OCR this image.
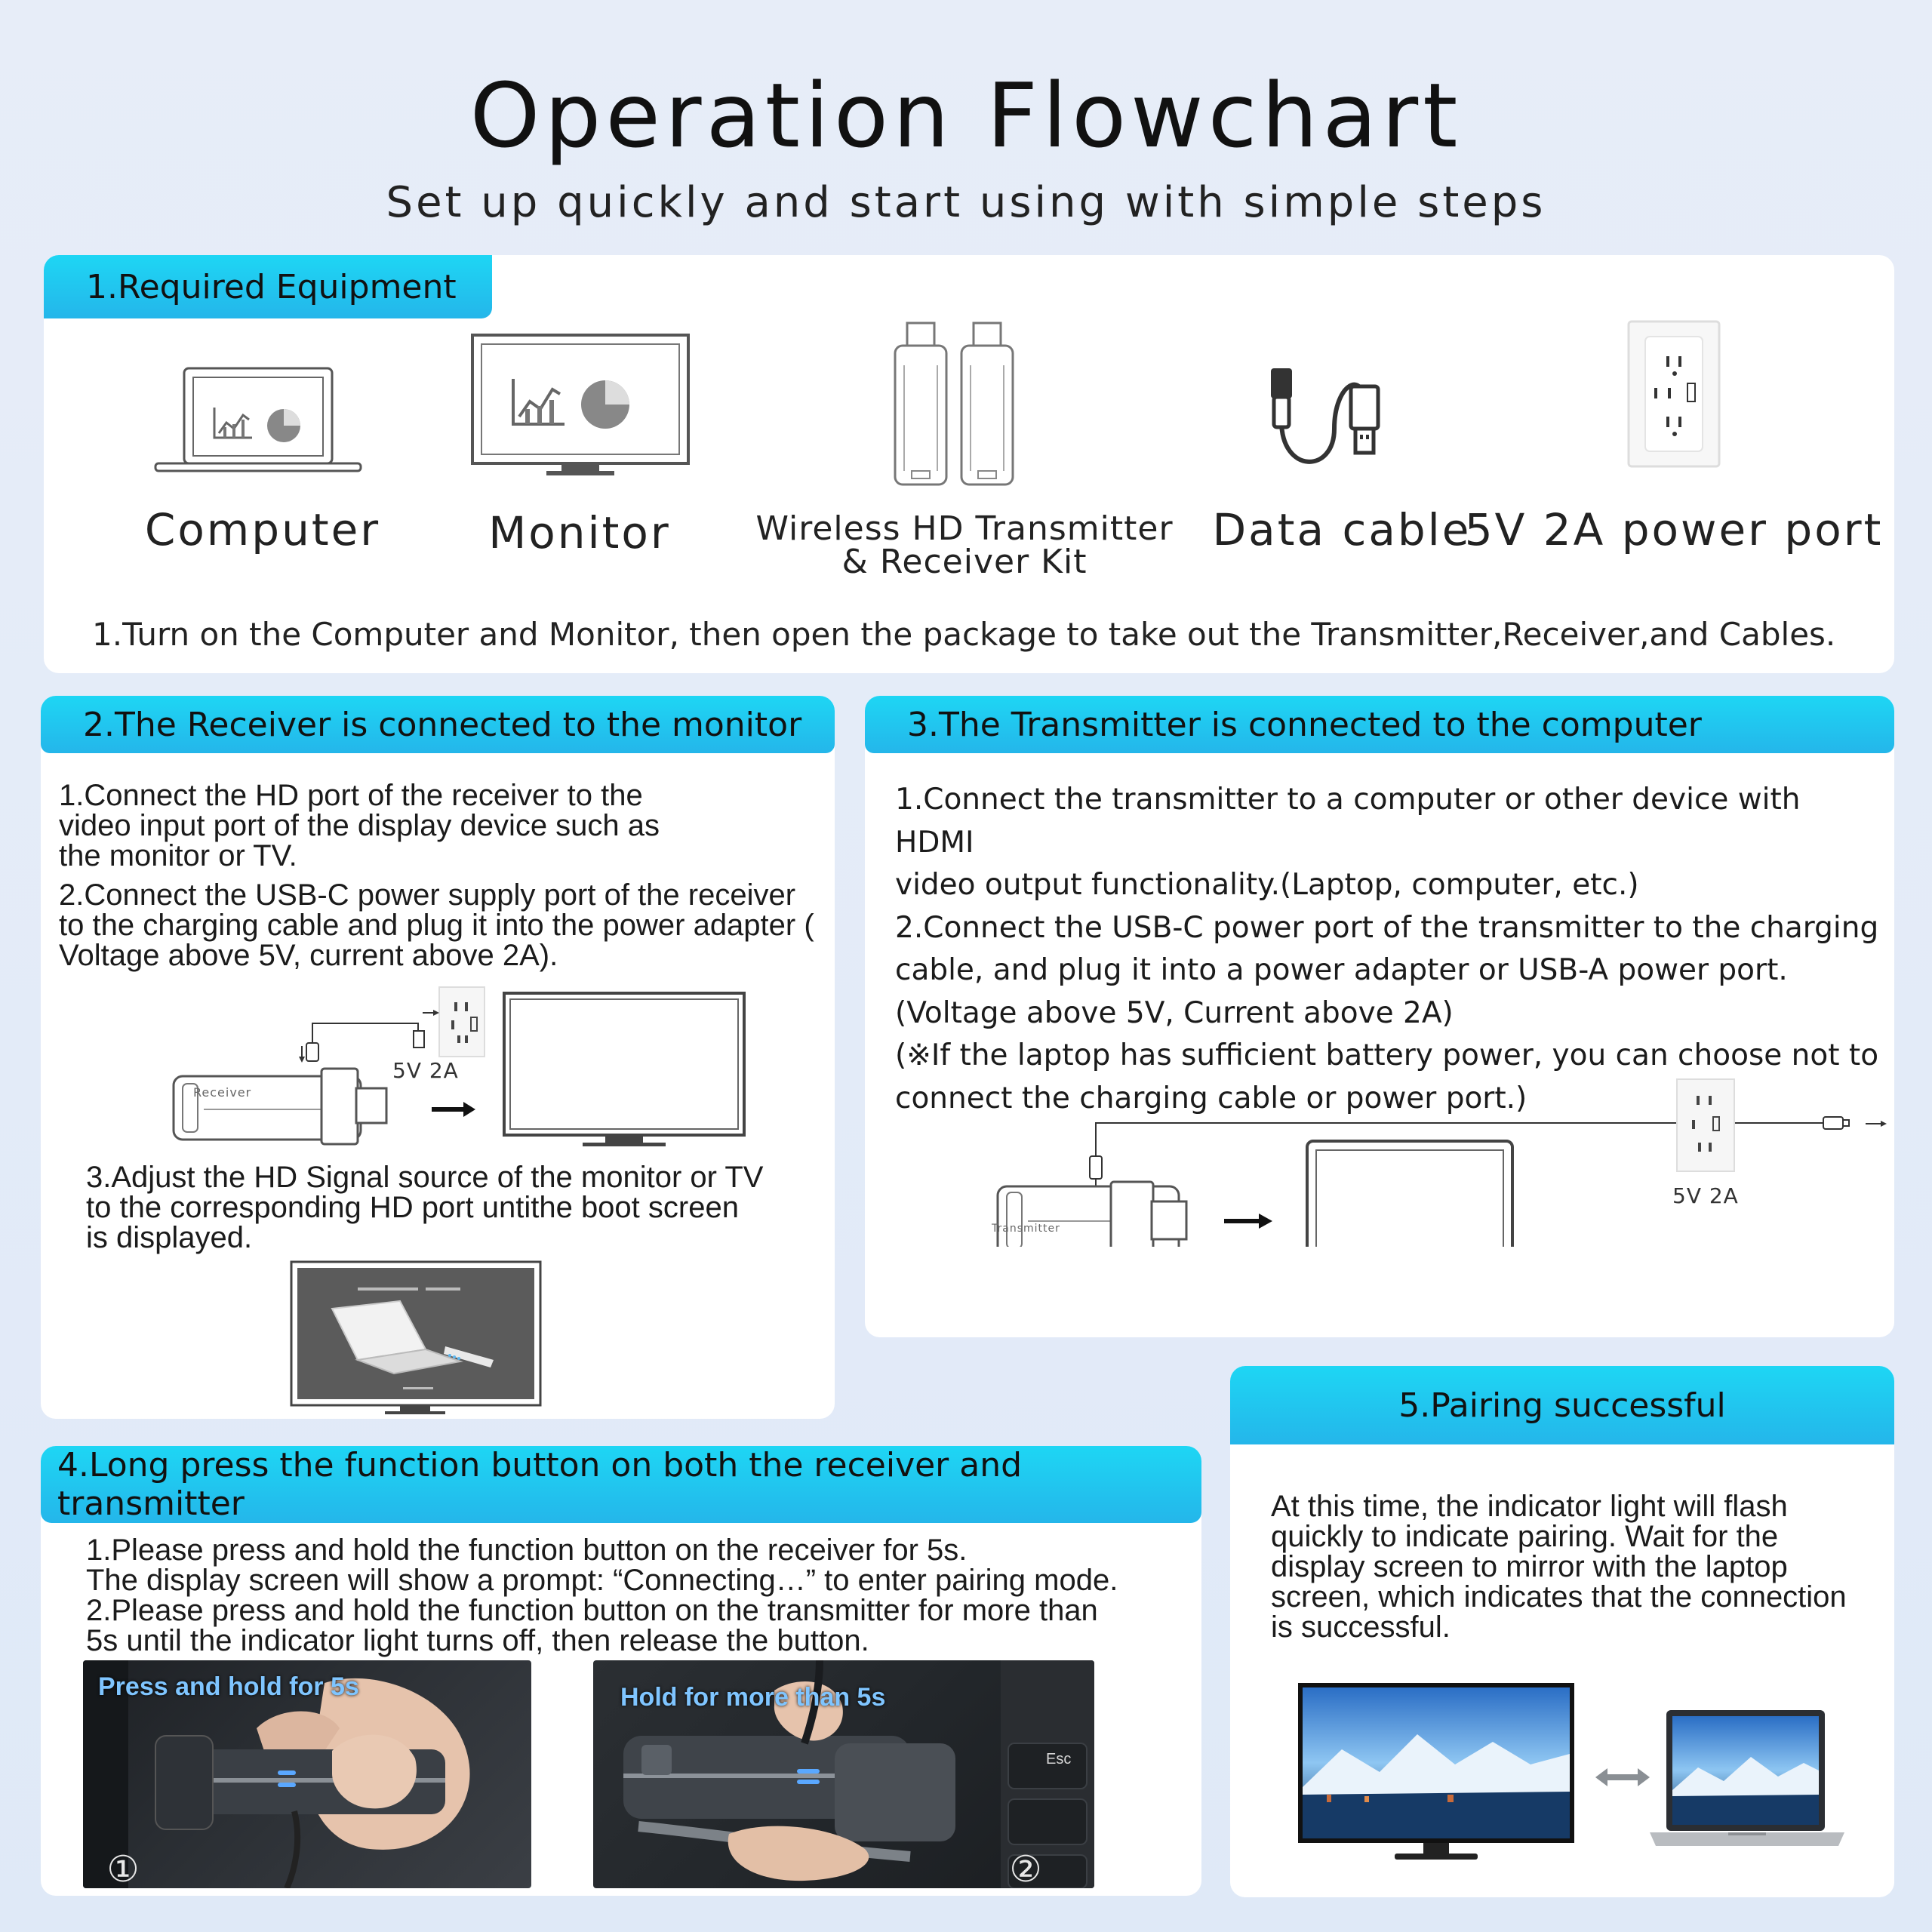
Operation Flowchart
Set up quickly and start using with simple steps
1.Required Equipment
Computer	Monitor	Wireless HD Transmitter
& Receiver Kit
Data cable
5V 2A power port
1.Turn on the Computer and Monitor, then open the package to take out the Transmitter,Receiver,and Cables.
2.The Receiver is connected to the monitor

1.Connect the HD port of the receiver to the video input port of the display device such as the monitor or TV.

2.Connect the USB-C power supply port of the receiver to the charging cable and plug it into the power adapter ( Voltage above 5V, current above 2A).

Receiver
5V 2A
3.Adjust the HD Signal source of the monitor or TV to the corresponding HD port untithe boot screen is displayed.
3.The Transmitter is connected to the computer

1.Connect the transmitter to a computer or other device with HDMI

video output functionality.(Laptop, computer, etc.)

2.Connect the USB-C power port of the transmitter to the charging

cable, and plug it into a power adapter or USB-A power port.

(Voltage above 5V, Current above 2A)

(※If the laptop has sufficient battery power, you can choose not to

connect the charging cable or power port.)

5V 2A
Transmitter
4.Long press the function button on both the receiver and transmitter
1.Please press and hold the function button on the receiver for 5s.
The display screen will show a prompt: “Connecting…” to enter pairing mode.
2.Please press and hold the function button on the transmitter for more than
5s until the indicator light turns off, then release the button.
①	②
Press and hold for 5s	Hold for more than 5s
Esc
5.Pairing successful
At this time, the indicator light will flash quickly to indicate pairing. Wait for the display screen to mirror with the laptop screen, which indicates that the connection is successful.
